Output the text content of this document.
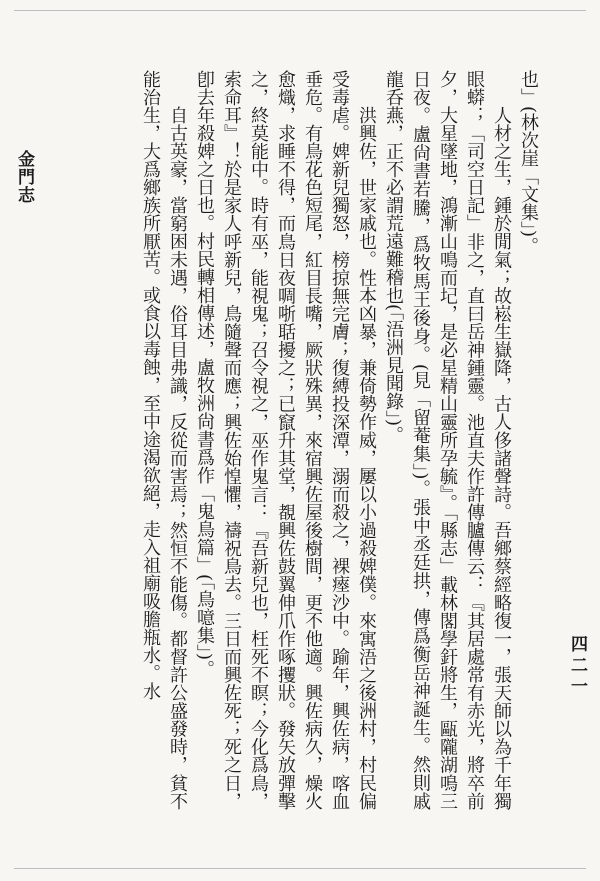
也」(林次崖「文集」)。

人材之生，鍾於閒氣；故崧生嶽降，古人侈諸聲詩。吾鄉蔡經略復一，張天師以為千年獨眼蟒；「司空日記」非之，直曰岳神鍾靈。池直夫作許傳臚傳云：『其居處常有赤光，將卒前夕，大星墜地，鴻漸山鳴而圮，是必星精山靈所孕毓』。「縣志」載林閣學釬將生，甌隴湖鳴三日夜。盧尙書若騰，爲牧馬王後身。(見「留菴集」)。張中丞廷拱，傳爲衡岳神誕生。然則戚龍呑燕，正不必謂荒遠難稽也(「浯洲見聞錄」)。

洪興佐，世家戚也。性本凶暴，兼倚勢作威，屢以小過殺婢僕。來寓浯之後洲村，村民偏受毒虐。婢新兒獨怒，榜掠無完膚；復縛投深潭，溺而殺之，裸瘞沙中。踰年，興佐病，喀血垂危。有鳥花色短尾，紅目長嘴，厥狀殊異，來宿興佐屋後樹間，更不他適。興佐病久，燥火愈熾，求睡不得，而鳥日夜啁哳聒擾之；已竄升其堂，覩興佐鼓翼伸爪作啄攫狀。發矢放彈擊之，終莫能中。時有巫，能視鬼；召令視之，巫作鬼言：『吾新兒也，枉死不瞑；今化爲鳥，索命耳』！於是家人呼新兒，鳥隨聲而應；興佐始惶懼，禱祝鳥去。三日而興佐死；死之日，卽去年殺婢之日也。村民轉相傳述，盧牧洲尙書爲作「鬼鳥篇」(「鳥噫集」)。

自古英豪，當窮困未遇，俗耳目弗識，反從而害焉；然恒不能傷。都督許公盛發時，貧不能治生，大爲鄉族所厭苦。或食以毒蝕，至中途渴欲絕，走入祖廟吸膽瓶水。水

金門志
四二一
